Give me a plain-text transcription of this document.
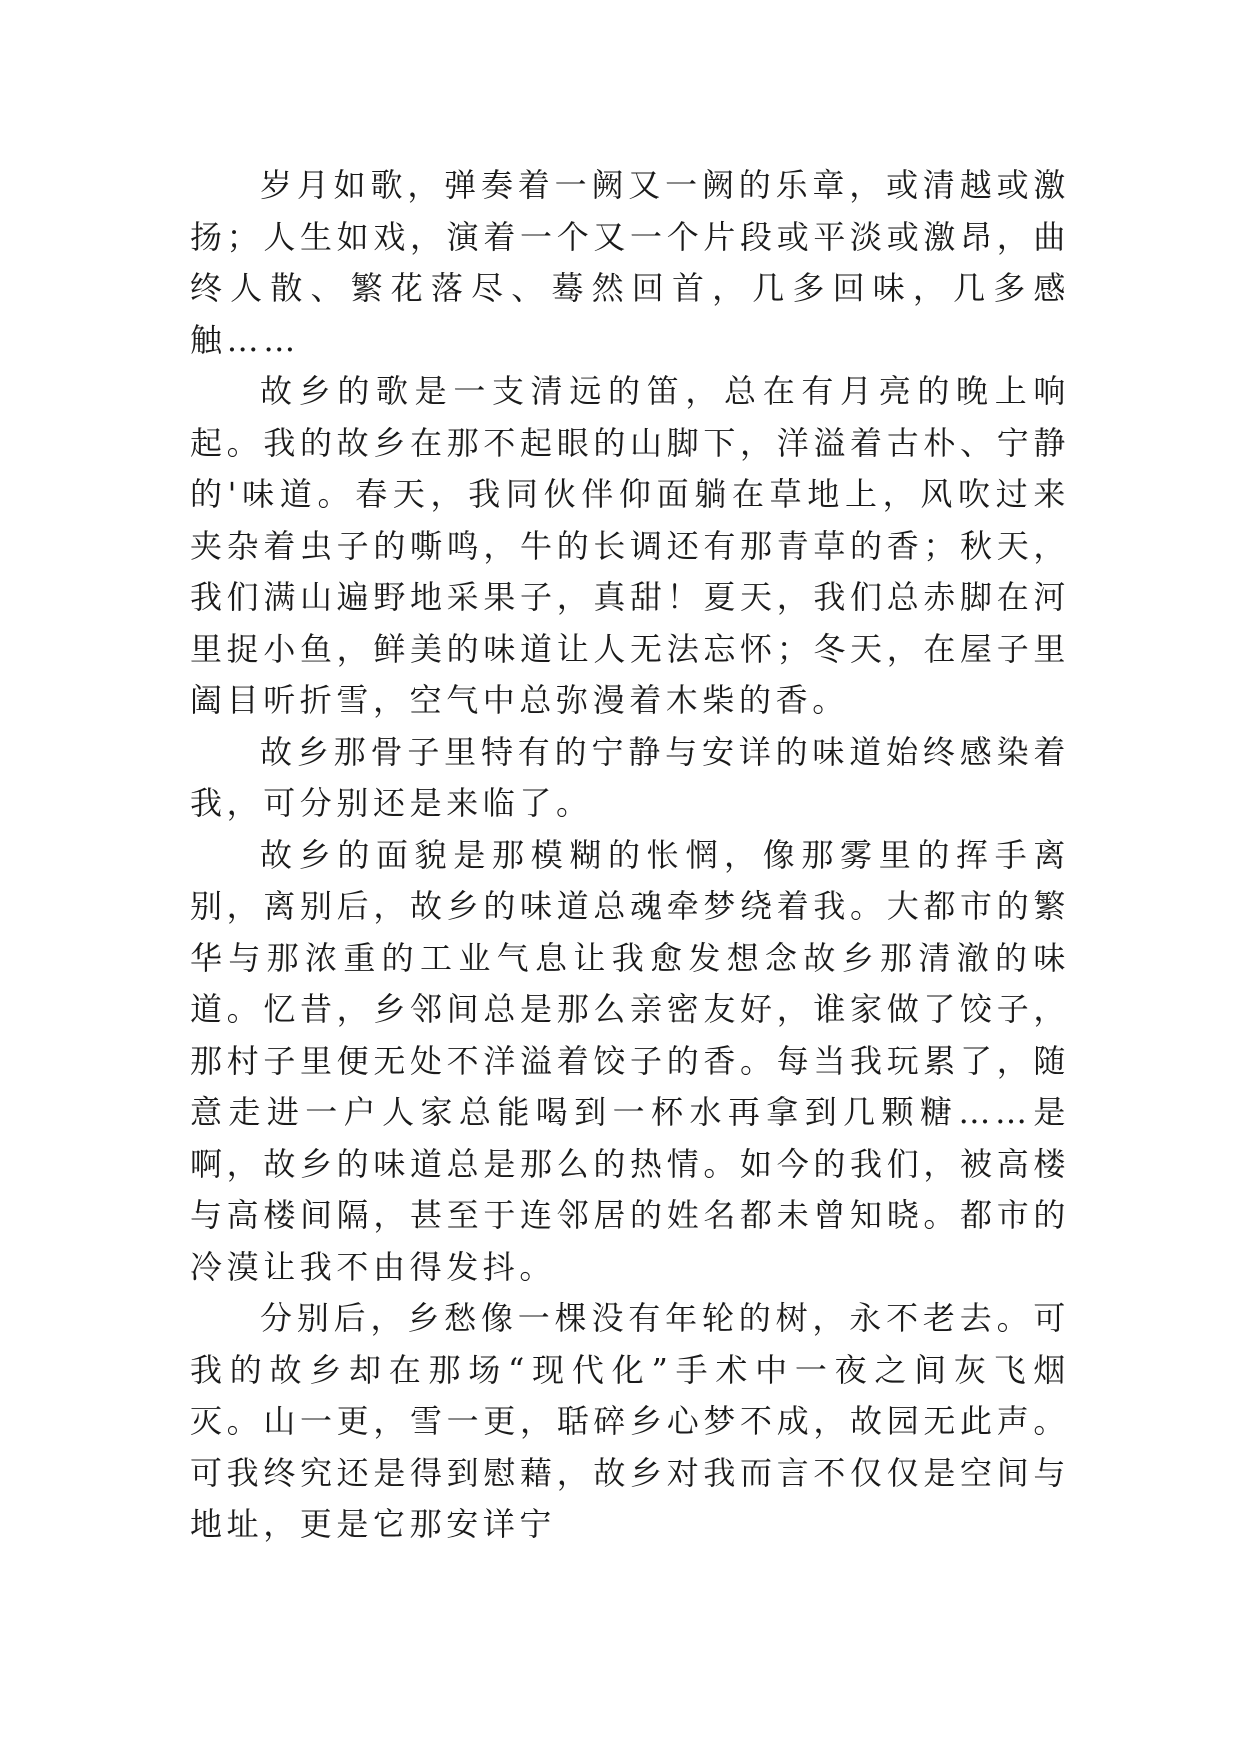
岁月如歌，弹奏着一阙又一阙的乐章，或清越或激扬；人生如戏，演着一个又一个片段或平淡或激昂，曲终人散、繁花落尽、蓦然回首，几多回味，几多感触……

故乡的歌是一支清远的笛，总在有月亮的晚上响起。我的故乡在那不起眼的山脚下，洋溢着古朴、宁静的'味道。春天，我同伙伴仰面躺在草地上，风吹过来夹杂着虫子的嘶鸣，牛的长调还有那青草的香；秋天，我们满山遍野地采果子，真甜！夏天，我们总赤脚在河里捉小鱼，鲜美的味道让人无法忘怀；冬天，在屋子里阖目听折雪，空气中总弥漫着木柴的香。

故乡那骨子里特有的宁静与安详的味道始终感染着我，可分别还是来临了。

故乡的面貌是那模糊的怅惘，像那雾里的挥手离别，离别后，故乡的味道总魂牵梦绕着我。大都市的繁华与那浓重的工业气息让我愈发想念故乡那清澈的味道。忆昔，乡邻间总是那么亲密友好，谁家做了饺子，那村子里便无处不洋溢着饺子的香。每当我玩累了，随意走进一户人家总能喝到一杯水再拿到几颗糖……是啊，故乡的味道总是那么的热情。如今的我们，被高楼与高楼间隔，甚至于连邻居的姓名都未曾知晓。都市的冷漠让我不由得发抖。

分别后，乡愁像一棵没有年轮的树，永不老去。可我的故乡却在那场“现代化”手术中一夜之间灰飞烟灭。山一更，雪一更，聒碎乡心梦不成，故园无此声。可我终究还是得到慰藉，故乡对我而言不仅仅是空间与地址，更是它那安详宁
